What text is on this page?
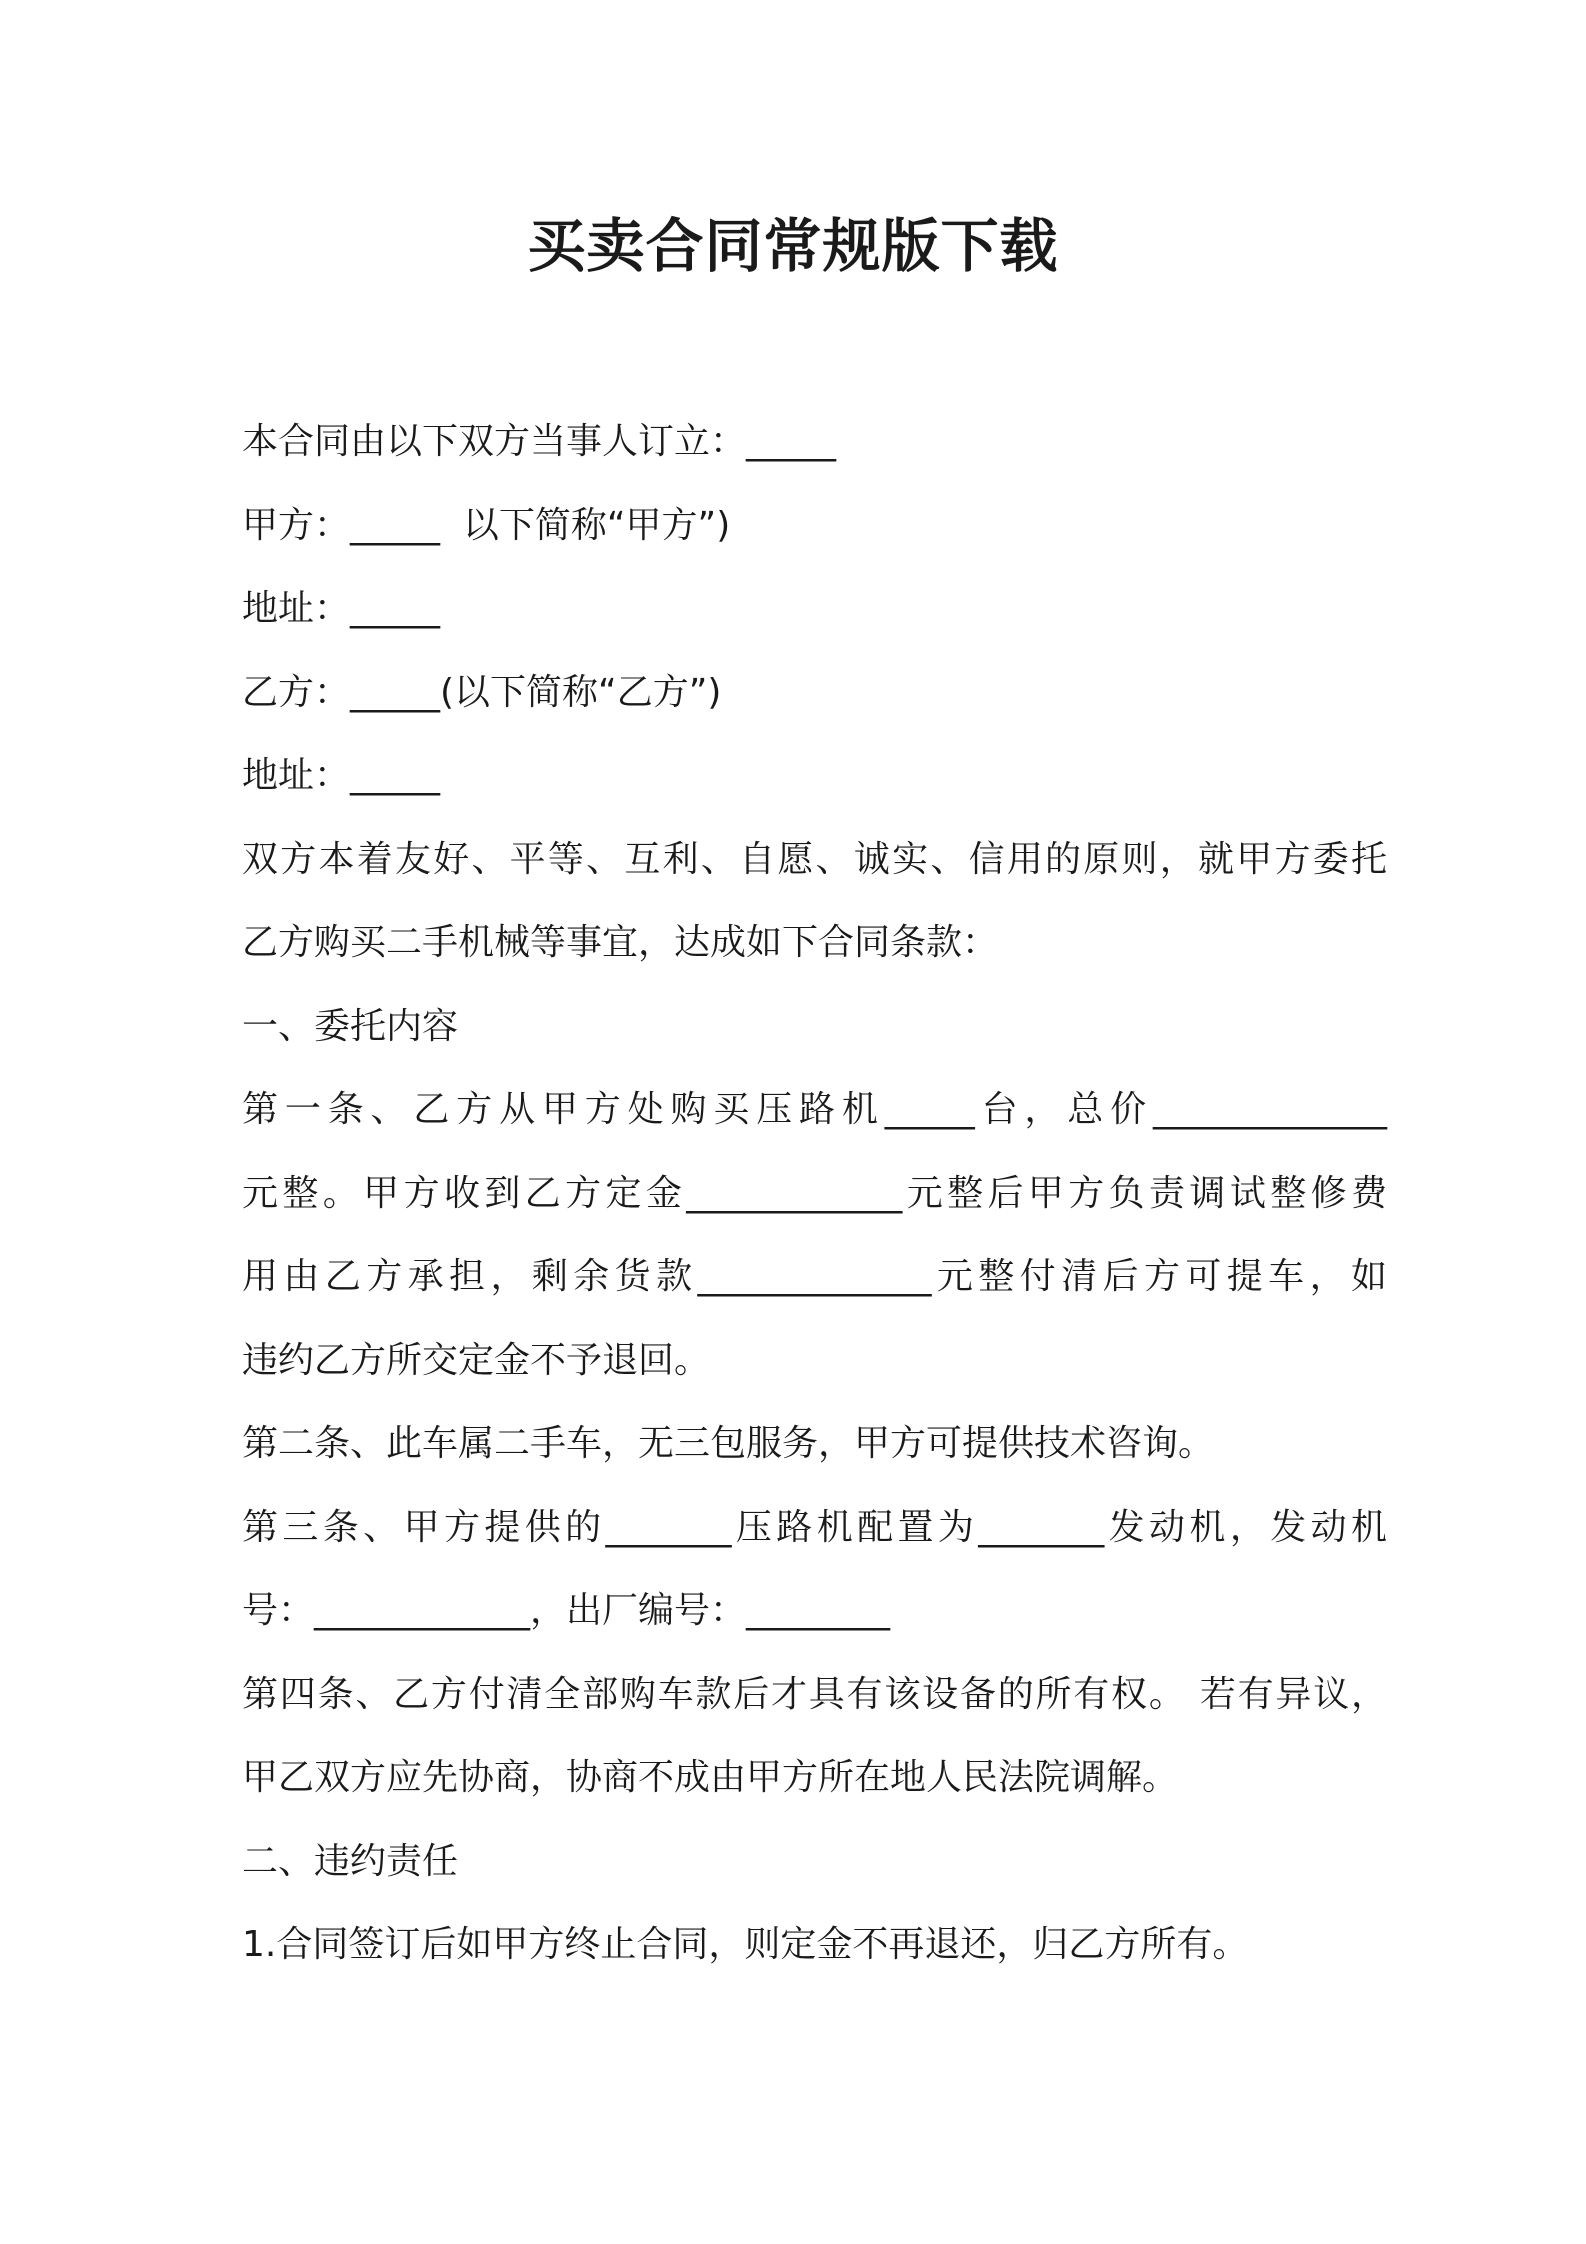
买卖合同常规版下载
本合同由以下双方当事人订立：_____
甲方：_____  以下简称“甲方”)
地址：_____
乙方：_____(以下简称“乙方”)
地址：_____
双方本着友好、平等、互利、自愿、诚实、信用的原则，就甲方委托
乙方购买二手机械等事宜，达成如下合同条款：
一、委托内容
第一条、乙方从甲方处购买压路机_____台，总价_____________
元整。甲方收到乙方定金____________元整后甲方负责调试整修费
用由乙方承担，剩余货款_____________元整付清后方可提车，如
违约乙方所交定金不予退回。
第二条、此车属二手车，无三包服务，甲方可提供技术咨询。
第三条、甲方提供的_______压路机配置为_______发动机，发动机
号：____________，出厂编号：________
第四条、乙方付清全部购车款后才具有该设备的所有权。 若有异议，
甲乙双方应先协商，协商不成由甲方所在地人民法院调解。
二、违约责任
1.合同签订后如甲方终止合同，则定金不再退还，归乙方所有。
